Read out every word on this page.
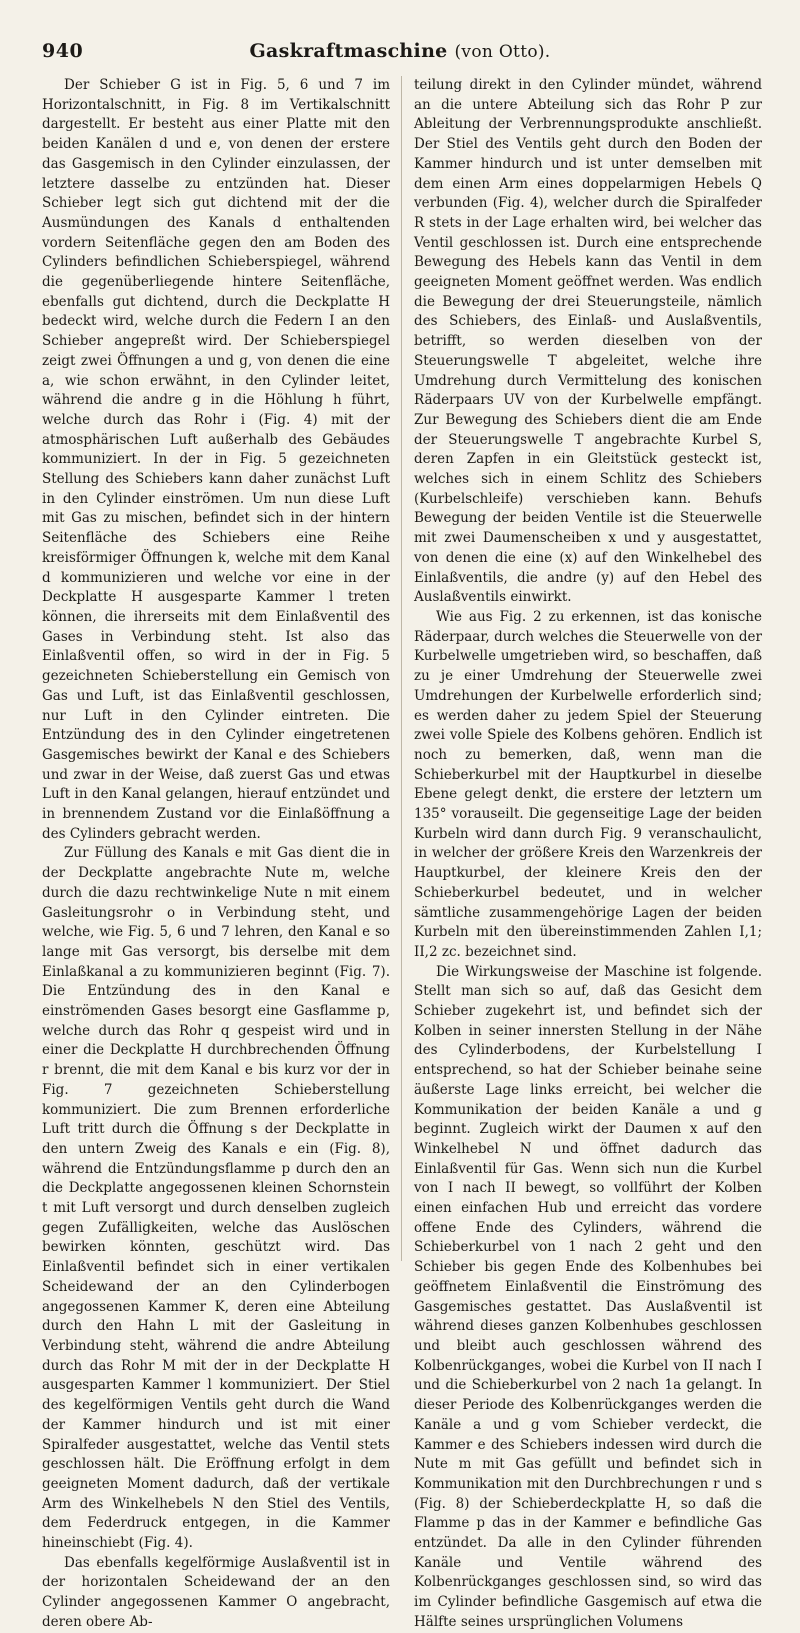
940	Gaskraftmaschine (von Otto).

Der Schieber G ist in Fig. 5, 6 und 7 im Horizontalschnitt, in Fig. 8 im Vertikalschnitt dargestellt. Er besteht aus einer Platte mit den beiden Kanälen d und e, von denen der erstere das Gasgemisch in den Cylinder einzulassen, der letztere dasselbe zu entzünden hat. Dieser Schieber legt sich gut dichtend mit der die Ausmündungen des Kanals d enthaltenden vordern Seitenfläche gegen den am Boden des Cylinders befindlichen Schieberspiegel, während die gegenüberliegende hintere Seitenfläche, ebenfalls gut dichtend, durch die Deckplatte H bedeckt wird, welche durch die Federn I an den Schieber angepreßt wird. Der Schieberspiegel zeigt zwei Öffnungen a und g, von denen die eine a, wie schon erwähnt, in den Cylinder leitet, während die andre g in die Höhlung h führt, welche durch das Rohr i (Fig. 4) mit der atmosphärischen Luft außerhalb des Gebäudes kommuniziert. In der in Fig. 5 gezeichneten Stellung des Schiebers kann daher zunächst Luft in den Cylinder einströmen. Um nun diese Luft mit Gas zu mischen, befindet sich in der hintern Seitenfläche des Schiebers eine Reihe kreisförmiger Öffnungen k, welche mit dem Kanal d kommunizieren und welche vor eine in der Deckplatte H ausgesparte Kammer l treten können, die ihrerseits mit dem Einlaßventil des Gases in Verbindung steht. Ist also das Einlaßventil offen, so wird in der in Fig. 5 gezeichneten Schieberstellung ein Gemisch von Gas und Luft, ist das Einlaßventil geschlossen, nur Luft in den Cylinder eintreten. Die Entzündung des in den Cylinder eingetretenen Gasgemisches bewirkt der Kanal e des Schiebers und zwar in der Weise, daß zuerst Gas und etwas Luft in den Kanal gelangen, hierauf entzündet und in brennendem Zustand vor die Einlaßöffnung a des Cylinders gebracht werden.

Zur Füllung des Kanals e mit Gas dient die in der Deckplatte angebrachte Nute m, welche durch die dazu rechtwinkelige Nute n mit einem Gasleitungsrohr o in Verbindung steht, und welche, wie Fig. 5, 6 und 7 lehren, den Kanal e so lange mit Gas versorgt, bis derselbe mit dem Einlaßkanal a zu kommunizieren beginnt (Fig. 7). Die Entzündung des in den Kanal e einströmenden Gases besorgt eine Gasflamme p, welche durch das Rohr q gespeist wird und in einer die Deckplatte H durchbrechenden Öffnung r brennt, die mit dem Kanal e bis kurz vor der in Fig. 7 gezeichneten Schieberstellung kommuniziert. Die zum Brennen erforderliche Luft tritt durch die Öffnung s der Deckplatte in den untern Zweig des Kanals e ein (Fig. 8), während die Entzündungsflamme p durch den an die Deckplatte angegossenen kleinen Schornstein t mit Luft versorgt und durch denselben zugleich gegen Zufälligkeiten, welche das Auslöschen bewirken könnten, geschützt wird. Das Einlaßventil befindet sich in einer vertikalen Scheidewand der an den Cylinderbogen angegossenen Kammer K, deren eine Abteilung durch den Hahn L mit der Gasleitung in Verbindung steht, während die andre Abteilung durch das Rohr M mit der in der Deckplatte H ausgesparten Kammer l kommuniziert. Der Stiel des kegelförmigen Ventils geht durch die Wand der Kammer hindurch und ist mit einer Spiralfeder ausgestattet, welche das Ventil stets geschlossen hält. Die Eröffnung erfolgt in dem geeigneten Moment dadurch, daß der vertikale Arm des Winkelhebels N den Stiel des Ventils, dem Federdruck entgegen, in die Kammer hineinschiebt (Fig. 4).

Das ebenfalls kegelförmige Auslaßventil ist in der horizontalen Scheidewand der an den Cylinder angegossenen Kammer O angebracht, deren obere Ab-

teilung direkt in den Cylinder mündet, während an die untere Abteilung sich das Rohr P zur Ableitung der Verbrennungsprodukte anschließt. Der Stiel des Ventils geht durch den Boden der Kammer hindurch und ist unter demselben mit dem einen Arm eines doppelarmigen Hebels Q verbunden (Fig. 4), welcher durch die Spiralfeder R stets in der Lage erhalten wird, bei welcher das Ventil geschlossen ist. Durch eine entsprechende Bewegung des Hebels kann das Ventil in dem geeigneten Moment geöffnet werden. Was endlich die Bewegung der drei Steuerungsteile, nämlich des Schiebers, des Einlaß- und Auslaßventils, betrifft, so werden dieselben von der Steuerungswelle T abgeleitet, welche ihre Umdrehung durch Vermittelung des konischen Räderpaars UV von der Kurbelwelle empfängt. Zur Bewegung des Schiebers dient die am Ende der Steuerungswelle T angebrachte Kurbel S, deren Zapfen in ein Gleitstück gesteckt ist, welches sich in einem Schlitz des Schiebers (Kurbelschleife) verschieben kann. Behufs Bewegung der beiden Ventile ist die Steuerwelle mit zwei Daumenscheiben x und y ausgestattet, von denen die eine (x) auf den Winkelhebel des Einlaßventils, die andre (y) auf den Hebel des Auslaßventils einwirkt.

Wie aus Fig. 2 zu erkennen, ist das konische Räderpaar, durch welches die Steuerwelle von der Kurbelwelle umgetrieben wird, so beschaffen, daß zu je einer Umdrehung der Steuerwelle zwei Umdrehungen der Kurbelwelle erforderlich sind; es werden daher zu jedem Spiel der Steuerung zwei volle Spiele des Kolbens gehören. Endlich ist noch zu bemerken, daß, wenn man die Schieberkurbel mit der Hauptkurbel in dieselbe Ebene gelegt denkt, die erstere der letztern um 135° vorauseilt. Die gegenseitige Lage der beiden Kurbeln wird dann durch Fig. 9 veranschaulicht, in welcher der größere Kreis den Warzenkreis der Hauptkurbel, der kleinere Kreis den der Schieberkurbel bedeutet, und in welcher sämtliche zusammengehörige Lagen der beiden Kurbeln mit den übereinstimmenden Zahlen I,1; II,2 zc. bezeichnet sind.

Die Wirkungsweise der Maschine ist folgende. Stellt man sich so auf, daß das Gesicht dem Schieber zugekehrt ist, und befindet sich der Kolben in seiner innersten Stellung in der Nähe des Cylinderbodens, der Kurbelstellung I entsprechend, so hat der Schieber beinahe seine äußerste Lage links erreicht, bei welcher die Kommunikation der beiden Kanäle a und g beginnt. Zugleich wirkt der Daumen x auf den Winkelhebel N und öffnet dadurch das Einlaßventil für Gas. Wenn sich nun die Kurbel von I nach II bewegt, so vollführt der Kolben einen einfachen Hub und erreicht das vordere offene Ende des Cylinders, während die Schieberkurbel von 1 nach 2 geht und den Schieber bis gegen Ende des Kolbenhubes bei geöffnetem Einlaßventil die Einströmung des Gasgemisches gestattet. Das Auslaßventil ist während dieses ganzen Kolbenhubes geschlossen und bleibt auch geschlossen während des Kolbenrückganges, wobei die Kurbel von II nach I und die Schieberkurbel von 2 nach 1a gelangt. In dieser Periode des Kolbenrückganges werden die Kanäle a und g vom Schieber verdeckt, die Kammer e des Schiebers indessen wird durch die Nute m mit Gas gefüllt und befindet sich in Kommunikation mit den Durchbrechungen r und s (Fig. 8) der Schieberdeckplatte H, so daß die Flamme p das in der Kammer e befindliche Gas entzündet. Da alle in den Cylinder führenden Kanäle und Ventile während des Kolbenrückganges geschlossen sind, so wird das im Cylinder befindliche Gasgemisch auf etwa die Hälfte seines ursprünglichen Volumens
